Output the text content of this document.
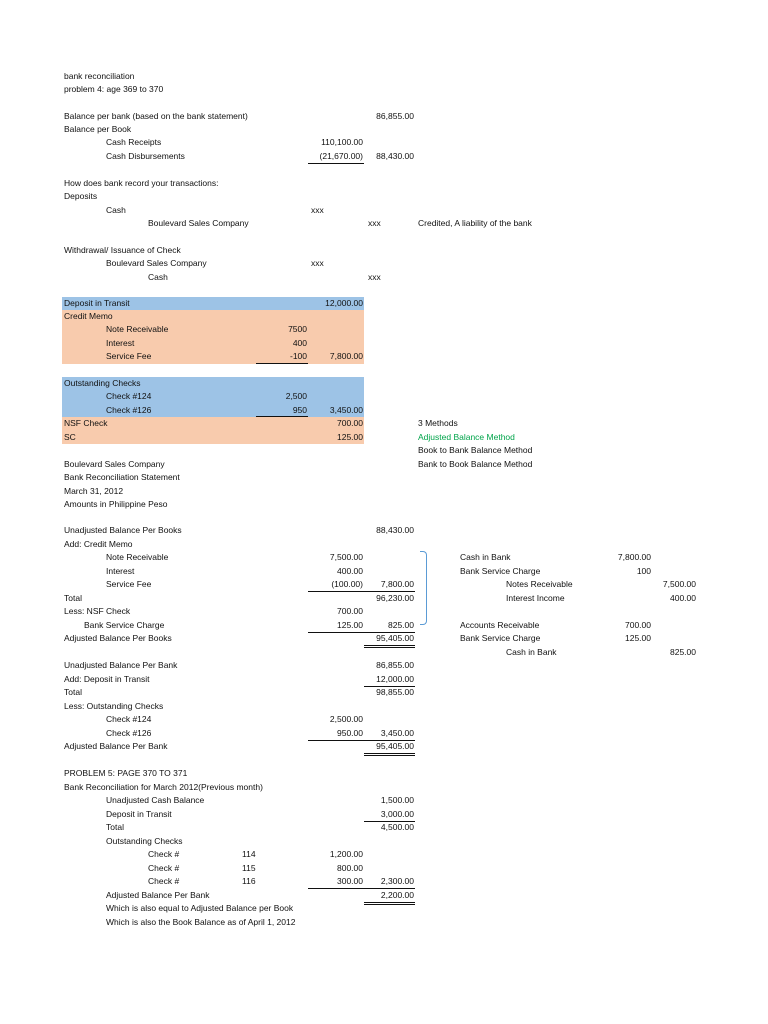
bank reconciliation
problem 4: age 369 to 370
Balance per bank (based on the bank statement)	86,855.00
Balance per Book
Cash Receipts	110,100.00
Cash Disbursements	(21,670.00)	88,430.00
How does bank record your transactions:
Deposits
Cash	xxx
Boulevard Sales Company	xxx	Credited, A liability of the bank
Withdrawal/ Issuance of Check
Boulevard Sales Company	xxx
Cash	xxx
Deposit in Transit	12,000.00
Credit Memo
Note Receivable	7500
Interest	400
Service Fee	-100	7,800.00
Outstanding Checks
Check #124	2,500
Check #126	950	3,450.00
NSF Check	700.00
SC	125.00
3 Methods
Adjusted Balance Method
Book to Bank Balance Method
Bank to Book Balance Method
Boulevard Sales Company
Bank Reconciliation Statement
March 31, 2012
Amounts in Philippine Peso
Unadjusted Balance Per Books	88,430.00
Add: Credit Memo
Note Receivable	7,500.00
Interest	400.00
Service Fee	(100.00)	7,800.00
Total	96,230.00
Less: NSF Check	700.00
Bank Service Charge	125.00	825.00
Adjusted Balance Per Books	95,405.00
Cash in Bank	7,800.00
Bank Service Charge	100
Notes Receivable	7,500.00
Interest Income	400.00
Accounts Receivable	700.00
Bank Service Charge	125.00
Cash in Bank	825.00
Unadjusted Balance Per Bank	86,855.00
Add: Deposit in Transit	12,000.00
Total	98,855.00
Less: Outstanding Checks
Check #124	2,500.00
Check #126	950.00	3,450.00
Adjusted Balance Per Bank	95,405.00
PROBLEM 5: PAGE 370 TO 371
Bank Reconciliation for March 2012(Previous month)
Unadjusted Cash Balance	1,500.00
Deposit in Transit	3,000.00
Total	4,500.00
Outstanding Checks
Check #	114	1,200.00
Check #	115	800.00
Check #	116	300.00	2,300.00
Adjusted Balance Per Bank	2,200.00
Which is also equal to Adjusted Balance per Book
Which is also the Book Balance as of April 1, 2012
